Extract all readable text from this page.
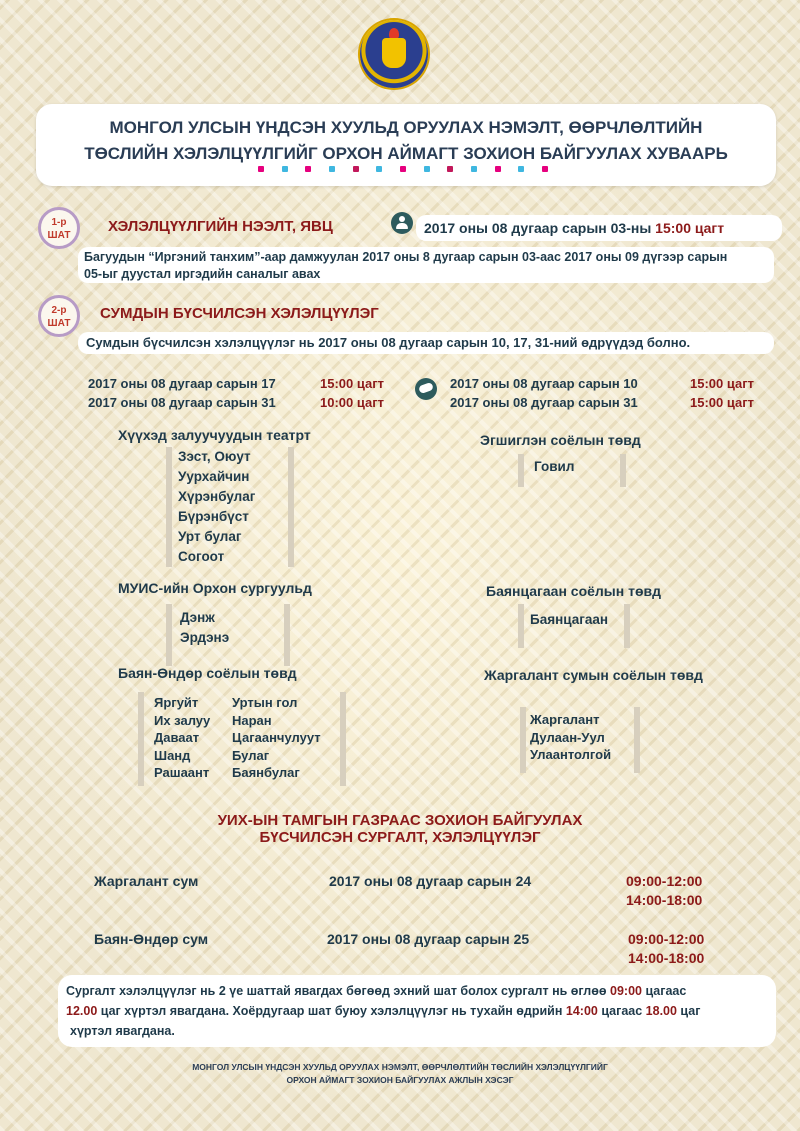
МОНГОЛ УЛСЫН ҮНДСЭН ХУУЛЬД ОРУУЛАХ НЭМЭЛТ, ӨӨРЧЛӨЛТИЙН
ТӨСЛИЙН ХЭЛЭЛЦҮҮЛГИЙГ ОРХОН АЙМАГТ ЗОХИОН БАЙГУУЛАХ ХУВААРЬ
1-р
ШАТ
ХЭЛЭЛЦҮҮЛГИЙН НЭЭЛТ, ЯВЦ	2017 оны 08 дугаар сарын 03-ны 15:00 цагт
Багуудын “Иргэний танхим”-аар дамжуулан 2017 оны 8 дугаар сарын 03-аас 2017 оны 09 дүгээр сарын
05-ыг дуустал иргэдийн саналыг авах
2-р
ШАТ
СУМДЫН БҮСЧИЛСЭН ХЭЛЭЛЦҮҮЛЭГ
Сумдын бүсчилсэн хэлэлцүүлэг нь 2017 оны 08 дугаар сарын 10, 17, 31-ний өдрүүдэд болно.
2017 оны 08 дугаар сарын 17	15:00 цагт
2017 оны 08 дугаар сарын 31	10:00 цагт
2017 оны 08 дугаар сарын 10	15:00 цагт
2017 оны 08 дугаар сарын 31	15:00 цагт
Хүүхэд залуучуудын театрт
Зэст, Оюут
Уурхайчин
Хүрэнбулаг
Бүрэнбүст
Урт булаг
Согоот
Эгшиглэн соёлын төвд
Говил
МУИС-ийн Орхон сургуульд
Дэнж
Эрдэнэ
Баянцагаан соёлын төвд
Баянцагаан
Баян-Өндөр соёлын төвд
Яргуйт
Их залуу
Даваат
Шанд
Рашаант
Уртын гол
Наран
Цагаанчулуут
Булаг
Баянбулаг
Жаргалант сумын соёлын төвд
Жаргалант
Дулаан-Уул
Улаантолгой
УИХ-ЫН ТАМГЫН ГАЗРААС ЗОХИОН БАЙГУУЛАХ
БҮСЧИЛСЭН СУРГАЛТ, ХЭЛЭЛЦҮҮЛЭГ
Жаргалант сум	2017 оны 08 дугаар сарын 24	09:00-12:00
14:00-18:00
Баян-Өндөр сум	2017 оны 08 дугаар сарын 25	09:00-12:00
14:00-18:00
Сургалт хэлэлцүүлэг нь 2 үе шаттай явагдах бөгөөд эхний шат болох сургалт нь өглөө 09:00 цагаас
12.00 цаг хүртэл явагдана. Хоёрдугаар шат буюу хэлэлцүүлэг нь тухайн өдрийн 14:00 цагаас 18.00 цаг
хүртэл явагдана.
МОНГОЛ УЛСЫН ҮНДСЭН ХУУЛЬД ОРУУЛАХ НЭМЭЛТ, ӨӨРЧЛӨЛТИЙН ТӨСЛИЙН ХЭЛЭЛЦҮҮЛГИЙГ
ОРХОН АЙМАГТ ЗОХИОН БАЙГУУЛАХ АЖЛЫН ХЭСЭГ
